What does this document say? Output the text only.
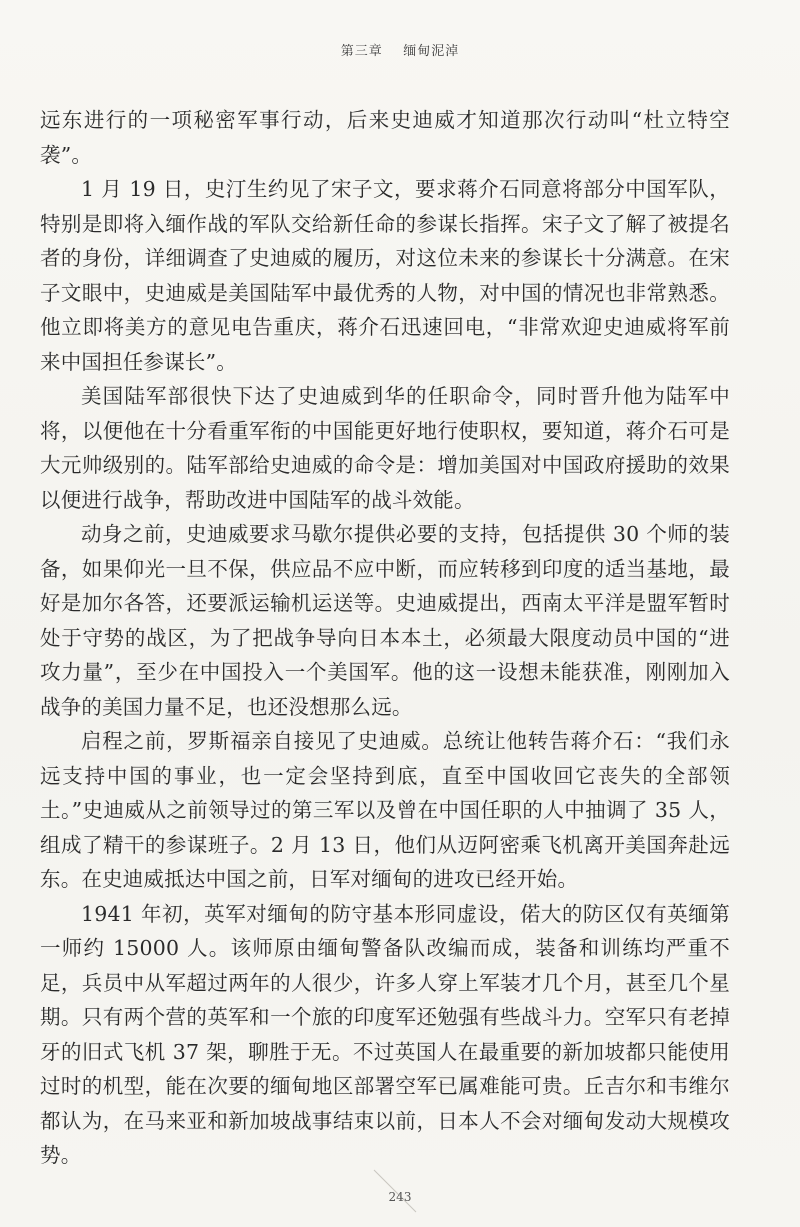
第三章    缅甸泥淖

远东进行的一项秘密军事行动，后来史迪威才知道那次行动叫“杜立特空袭”。

1 月 19 日，史汀生约见了宋子文，要求蒋介石同意将部分中国军队，特别是即将入缅作战的军队交给新任命的参谋长指挥。宋子文了解了被提名者的身份，详细调查了史迪威的履历，对这位未来的参谋长十分满意。在宋子文眼中，史迪威是美国陆军中最优秀的人物，对中国的情况也非常熟悉。他立即将美方的意见电告重庆，蒋介石迅速回电，“非常欢迎史迪威将军前来中国担任参谋长”。

美国陆军部很快下达了史迪威到华的任职命令，同时晋升他为陆军中将，以便他在十分看重军衔的中国能更好地行使职权，要知道，蒋介石可是大元帅级别的。陆军部给史迪威的命令是：增加美国对中国政府援助的效果以便进行战争，帮助改进中国陆军的战斗效能。

动身之前，史迪威要求马歇尔提供必要的支持，包括提供 30 个师的装备，如果仰光一旦不保，供应品不应中断，而应转移到印度的适当基地，最好是加尔各答，还要派运输机运送等。史迪威提出，西南太平洋是盟军暂时处于守势的战区，为了把战争导向日本本土，必须最大限度动员中国的“进攻力量”，至少在中国投入一个美国军。他的这一设想未能获准，刚刚加入战争的美国力量不足，也还没想那么远。

启程之前，罗斯福亲自接见了史迪威。总统让他转告蒋介石：“我们永远支持中国的事业，也一定会坚持到底，直至中国收回它丧失的全部领土。”史迪威从之前领导过的第三军以及曾在中国任职的人中抽调了 35 人，组成了精干的参谋班子。2 月 13 日，他们从迈阿密乘飞机离开美国奔赴远东。在史迪威抵达中国之前，日军对缅甸的进攻已经开始。

1941 年初，英军对缅甸的防守基本形同虚设，偌大的防区仅有英缅第一师约 15000 人。该师原由缅甸警备队改编而成，装备和训练均严重不足，兵员中从军超过两年的人很少，许多人穿上军装才几个月，甚至几个星期。只有两个营的英军和一个旅的印度军还勉强有些战斗力。空军只有老掉牙的旧式飞机 37 架，聊胜于无。不过英国人在最重要的新加坡都只能使用过时的机型，能在次要的缅甸地区部署空军已属难能可贵。丘吉尔和韦维尔都认为，在马来亚和新加坡战事结束以前，日本人不会对缅甸发动大规模攻势。

243
